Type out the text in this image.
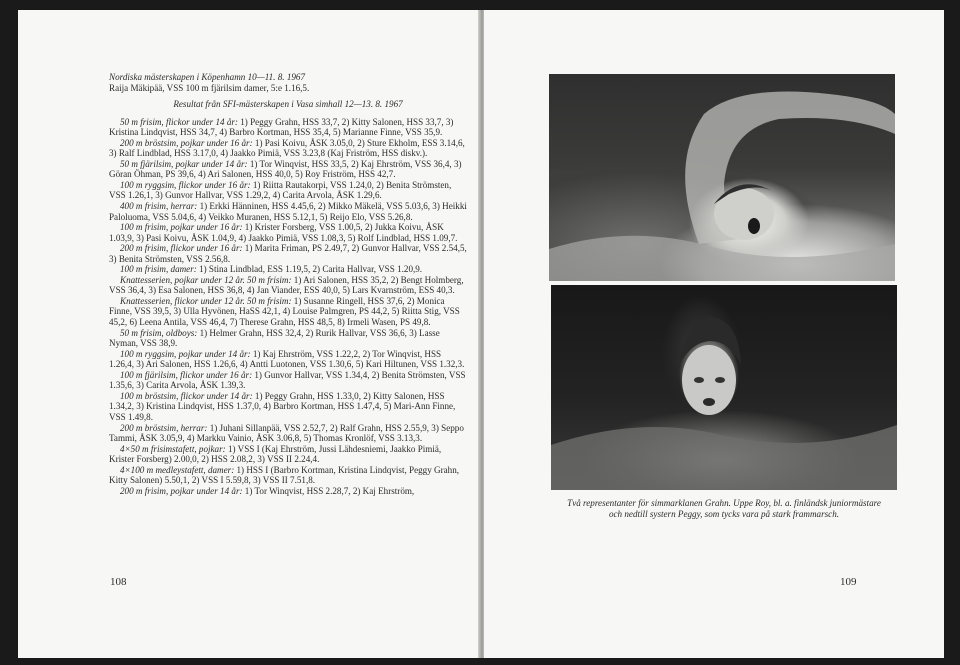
Nordiska mästerskapen i Köpenhamn 10—11. 8. 1967

Raija Mäkipää, VSS 100 m fjärilsim damer, 5:e 1.16,5.

Resultat från SFI-mästerskapen i Vasa simhall 12—13. 8. 1967

50 m frisim, flickor under 14 år: 1) Peggy Grahn, HSS 33,7, 2) Kitty Salonen, HSS 33,7, 3) Kristina Lindqvist, HSS 34,7, 4) Barbro Kortman, HSS 35,4, 5) Marianne Finne, VSS 35,9.

200 m bröstsim, pojkar under 16 år: 1) Pasi Koivu, ÅSK 3.05,0, 2) Sture Ekholm, ESS 3.14,6, 3) Ralf Lindblad, HSS 3.17,0, 4) Jaakko Pimiä, VSS 3.23,8 (Kaj Friström, HSS diskv.).

50 m fjärilsim, pojkar under 14 år: 1) Tor Winqvist, HSS 33,5, 2) Kaj Ehrström, VSS 36,4, 3) Göran Öhman, PS 39,6, 4) Ari Salonen, HSS 40,0, 5) Roy Friström, HSS 42,7.

100 m ryggsim, flickor under 16 år: 1) Riitta Rautakorpi, VSS 1.24,0, 2) Benita Strömsten, VSS 1.26,1, 3) Gunvor Hallvar, VSS 1.29,2, 4) Carita Arvola, ÅSK 1.29,6.

400 m frisim, herrar: 1) Erkki Hänninen, HSS 4.45,6, 2) Mikko Mäkelä, VSS 5.03,6, 3) Heikki Paloluoma, VSS 5.04,6, 4) Veikko Muranen, HSS 5.12,1, 5) Reijo Elo, VSS 5.26,8.

100 m frisim, pojkar under 16 år: 1) Krister Forsberg, VSS 1.00,5, 2) Jukka Koivu, ÅSK 1.03,9, 3) Pasi Koivu, ÅSK 1.04,9, 4) Jaakko Pimiä, VSS 1.08,3, 5) Rolf Lindblad, HSS 1.09,7.

200 m frisim, flickor under 16 år: 1) Marita Friman, PS 2.49,7, 2) Gunvor Hallvar, VSS 2.54,5, 3) Benita Strömsten, VSS 2.56,8.

100 m frisim, damer: 1) Stina Lindblad, ESS 1.19,5, 2) Carita Hallvar, VSS 1.20,9.

Knattesserien, pojkar under 12 år. 50 m frisim: 1) Ari Salonen, HSS 35,2, 2) Bengt Holmberg, VSS 36,4, 3) Esa Salonen, HSS 36,8, 4) Jan Viander, ESS 40,0, 5) Lars Kvarnström, ESS 40,3.

Knattesserien, flickor under 12 år. 50 m frisim: 1) Susanne Ringell, HSS 37,6, 2) Monica Finne, VSS 39,5, 3) Ulla Hyvönen, HaSS 42,1, 4) Louise Palmgren, PS 44,2, 5) Riitta Stig, VSS 45,2, 6) Leena Antila, VSS 46,4, 7) Therese Grahn, HSS 48,5, 8) Irmeli Wasen, PS 49,8.

50 m frisim, oldboys: 1) Helmer Grahn, HSS 32,4, 2) Rurik Hallvar, VSS 36,6, 3) Lasse Nyman, VSS 38,9.

100 m ryggsim, pojkar under 14 år: 1) Kaj Ehrström, VSS 1.22,2, 2) Tor Winqvist, HSS 1.26,4, 3) Ari Salonen, HSS 1.26,6, 4) Antti Luotonen, VSS 1.30,6, 5) Kari Hiltunen, VSS 1.32,3.

100 m fjärilsim, flickor under 16 år: 1) Gunvor Hallvar, VSS 1.34,4, 2) Benita Strömsten, VSS 1.35,6, 3) Carita Arvola, ÅSK 1.39,3.

100 m bröstsim, flickor under 14 år: 1) Peggy Grahn, HSS 1.33,0, 2) Kitty Salonen, HSS 1.34,2, 3) Kristina Lindqvist, HSS 1.37,0, 4) Barbro Kortman, HSS 1.47,4, 5) Mari-Ann Finne, VSS 1.49,8.

200 m bröstsim, herrar: 1) Juhani Sillanpää, VSS 2.52,7, 2) Ralf Grahn, HSS 2.55,9, 3) Seppo Tammi, ÅSK 3.05,9, 4) Markku Vainio, ÅSK 3.06,8, 5) Thomas Kronlöf, VSS 3.13,3.

4×50 m frisimstafett, pojkar: 1) VSS I (Kaj Ehrström, Jussi Lähdesniemi, Jaakko Pimiä, Krister Forsberg) 2.00,0, 2) HSS 2.08,2, 3) VSS II 2.24,4.

4×100 m medleystafett, damer: 1) HSS I (Barbro Kortman, Kristina Lindqvist, Peggy Grahn, Kitty Salonen) 5.50,1, 2) VSS I 5.59,8, 3) VSS II 7.51,8.

200 m frisim, pojkar under 14 år: 1) Tor Winqvist, HSS 2.28,7, 2) Kaj Ehrström,

108
Två representanter för simmarklanen Grahn. Uppe Roy, bl. a. finländsk juniormästare och nedtill systern Peggy, som tycks vara på stark frammarsch.
109
